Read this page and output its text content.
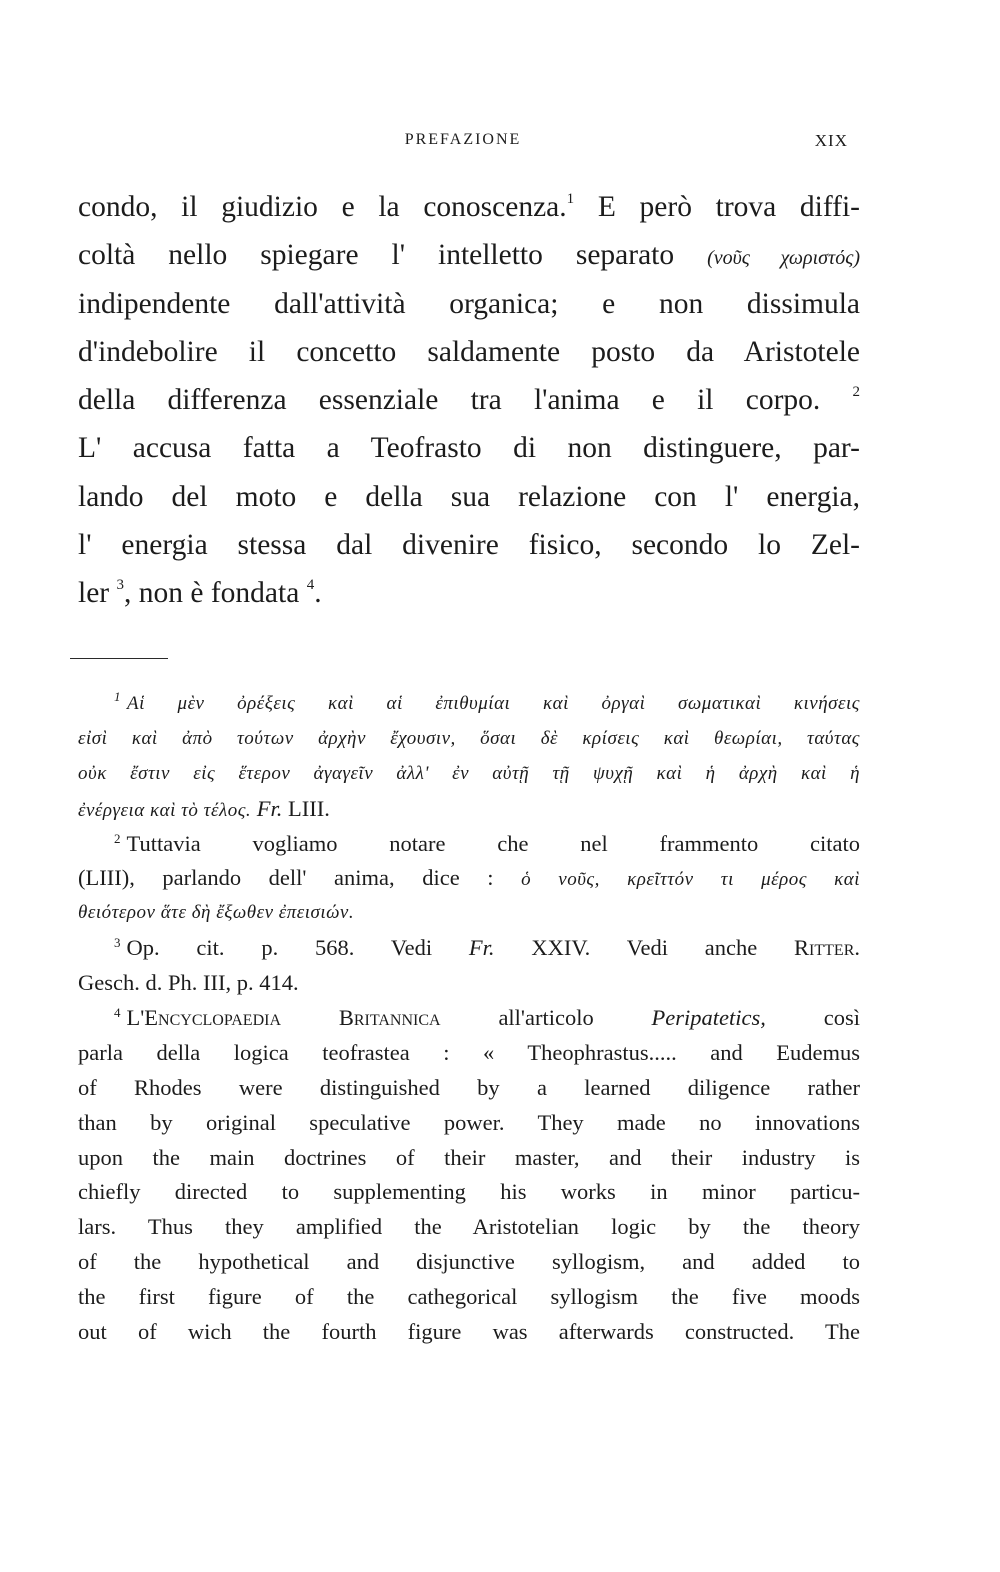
PREFAZIONE	XIX
condo, il giudizio e la conoscenza.$^1$ E però trova diffi-
coltà nello spiegare l' intelletto separato (νοῦς χωριστός)
indipendente dall'attività organica; e non dissimula
d'indebolire il concetto saldamente posto da Aristotele
della differenza essenziale tra l'anima e il corpo. $^2$
L' accusa fatta a Teofrasto di non distinguere, par-
lando del moto e della sua relazione con l' energia,
l' energia stessa dal divenire fisico, secondo lo Zel-
ler $^3$, non è fondata $^4$.
$^1$ Αἱ μὲν ὀρέξεις καὶ αἱ ἐπιθυμίαι καὶ ὀργαὶ σωματικαὶ κινήσεις
εἰσὶ καὶ ἀπὸ τούτων ἀρχὴν ἔχουσιν, ὅσαι δὲ κρίσεις καὶ θεωρίαι, ταύτας
οὐκ ἔστιν εἰς ἕτερον ἀγαγεῖν ἀλλ' ἐν αὐτῇ τῇ ψυχῇ καὶ ἡ ἀρχὴ καὶ ἡ
ἐνέργεια καὶ τὸ τέλος. Fr. LIII.
$^2$ Tuttavia vogliamo notare che nel frammento citato
(LIII), parlando dell' anima, dice : ὁ νοῦς, κρεῖττόν τι μέρος καὶ
θειότερον ἅτε δὴ ἔξωθεν ἐπεισιών.
$^3$ Op. cit. p. 568. Vedi Fr. XXIV. Vedi anche Ritter.
Gesch. d. Ph. III, p. 414.
$^4$ L'Encyclopaedia Britannica all'articolo Peripatetics, così
parla della logica teofrastea : « Theophrastus..... and Eudemus
of Rhodes were distinguished by a learned diligence rather
than by original speculative power. They made no innovations
upon the main doctrines of their master, and their industry is
chiefly directed to supplementing his works in minor particu-
lars. Thus they amplified the Aristotelian logic by the theory
of the hypothetical and disjunctive syllogism, and added to
the first figure of the cathegorical syllogism the five moods
out of wich the fourth figure was afterwards constructed. The
